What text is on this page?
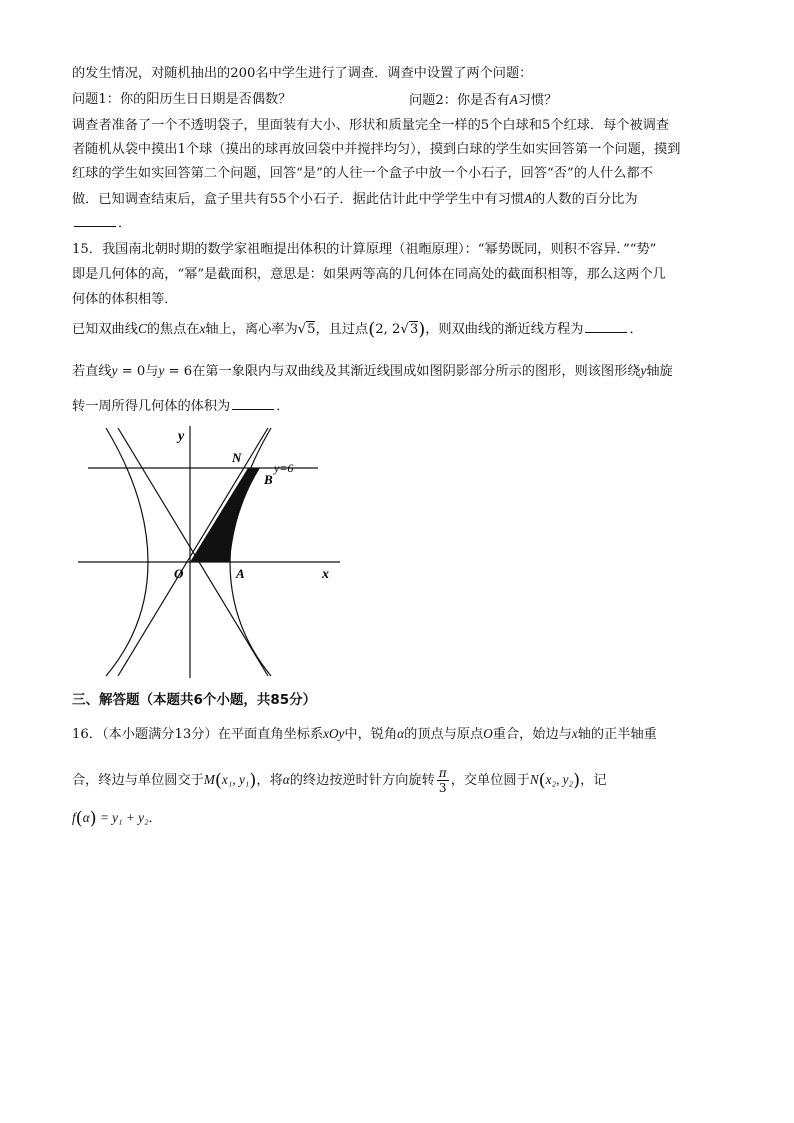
的发生情况，对随机抽出的200名中学生进行了调查．调查中设置了两个问题：
问题1：你的阳历生日日期是否偶数？	问题2：你是否有A习惯？
调查者准备了一个不透明袋子，里面装有大小、形状和质量完全一样的5个白球和5个红球．每个被调查
者随机从袋中摸出1个球（摸出的球再放回袋中并搅拌均匀），摸到白球的学生如实回答第一个问题，摸到
红球的学生如实回答第二个问题，回答“是”的人往一个盒子中放一个小石子，回答“否”的人什么都不
做．已知调查结束后，盒子里共有55个小石子．据此估计此中学学生中有习惯A的人数的百分比为
．
15．我国南北朝时期的数学家祖暅提出体积的计算原理（祖暅原理）：“幂势既同，则积不容异．”“势”
即是几何体的高，“幂”是截面积，意思是：如果两等高的几何体在同高处的截面积相等，那么这两个几
何体的体积相等．
已知双曲线C的焦点在x轴上，离心率为√5，且过点(2, 2√3)，则双曲线的渐近线方程为	．
若直线y = 0与y = 6在第一象限内与双曲线及其渐近线围成如图阴影部分所示的图形，则该图形绕y轴旋
转一周所得几何体的体积为	．
y
x
N
B
O	A
y=6
三、解答题（本题共6个小题，共85分）
16．（本小题满分13分）在平面直角坐标系xOy中，锐角α的顶点与原点O重合，始边与x轴的正半轴重
合，终边与单位圆交于M(x₁, y₁)，将α的终边按逆时针方向旋转 $\frac{\pi}{3}$ ，交单位圆于N(x₂, y₂)，记
f(α) = y₁ + y₂．
